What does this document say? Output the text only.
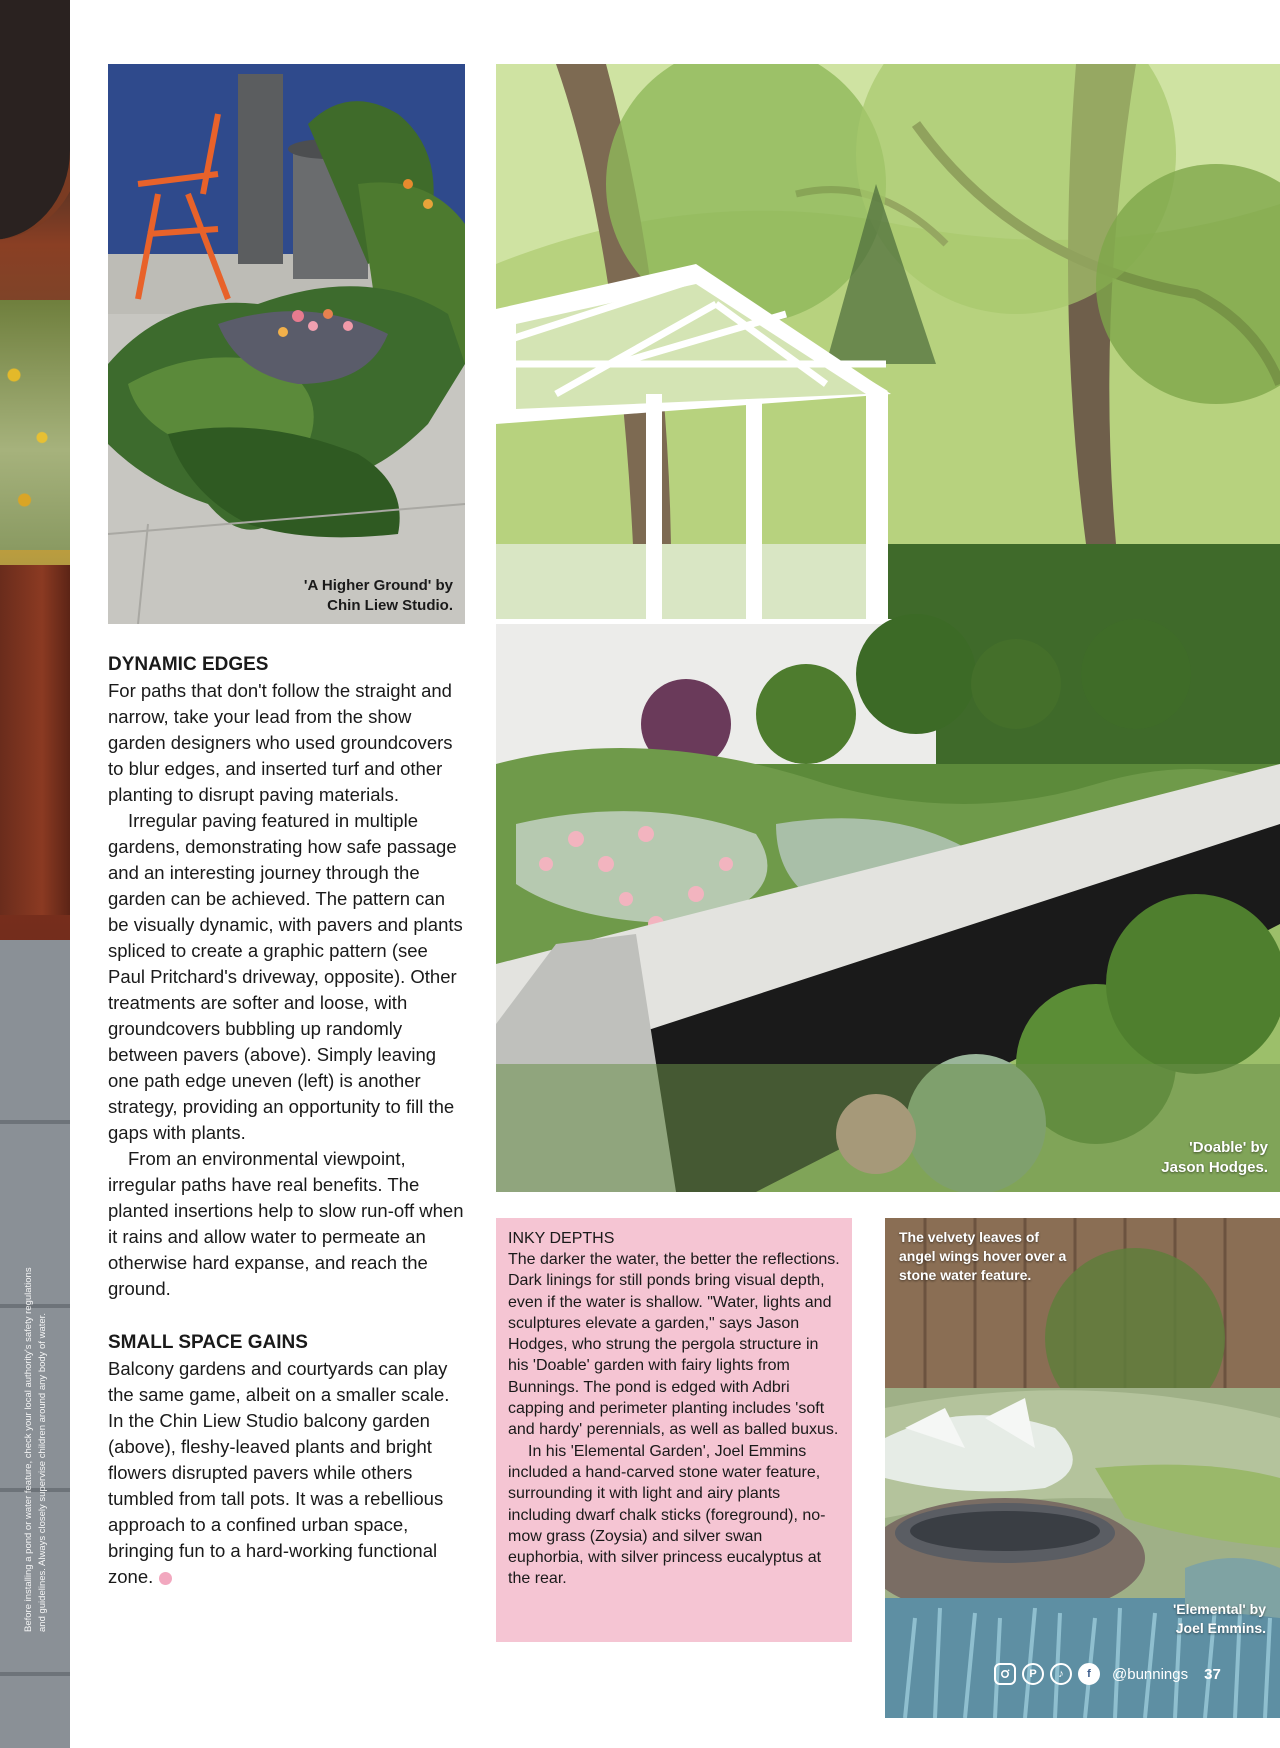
Before installing a pond or water feature, check your local authority's safety regulations and guidelines. Always closely supervise children around any body of water.
'A Higher Ground' by
Chin Liew Studio.
'Doable' by
Jason Hodges.
The velvety leaves of angel wings hover over a stone water feature.
'Elemental' by
Joel Emmins.
P	♪	f	@bunnings 37
DYNAMIC EDGES

For paths that don't follow the straight and narrow, take your lead from the show garden designers who used groundcovers to blur edges, and inserted turf and other planting to disrupt paving materials.

Irregular paving featured in multiple gardens, demonstrating how safe passage and an interesting journey through the garden can be achieved. The pattern can be visually dynamic, with pavers and plants spliced to create a graphic pattern (see Paul Pritchard's driveway, opposite). Other treatments are softer and loose, with groundcovers bubbling up randomly between pavers (above). Simply leaving one path edge uneven (left) is another strategy, providing an opportunity to fill the gaps with plants.

From an environmental viewpoint, irregular paths have real benefits. The planted insertions help to slow run-off when it rains and allow water to permeate an otherwise hard expanse, and reach the ground.

SMALL SPACE GAINS

Balcony gardens and courtyards can play the same game, albeit on a smaller scale. In the Chin Liew Studio balcony garden (above), fleshy-leaved plants and bright flowers disrupted pavers while others tumbled from tall pots. It was a rebellious approach to a confined urban space, bringing fun to a hard-working functional zone.

INKY DEPTHS

The darker the water, the better the reflections. Dark linings for still ponds bring visual depth, even if the water is shallow. "Water, lights and sculptures elevate a garden," says Jason Hodges, who strung the pergola structure in his 'Doable' garden with fairy lights from Bunnings. The pond is edged with Adbri capping and perimeter planting includes 'soft and hardy' perennials, as well as balled buxus.

In his 'Elemental Garden', Joel Emmins included a hand-carved stone water feature, surrounding it with light and airy plants including dwarf chalk sticks (foreground), no-mow grass (Zoysia) and silver swan euphorbia, with silver princess eucalyptus at the rear.
